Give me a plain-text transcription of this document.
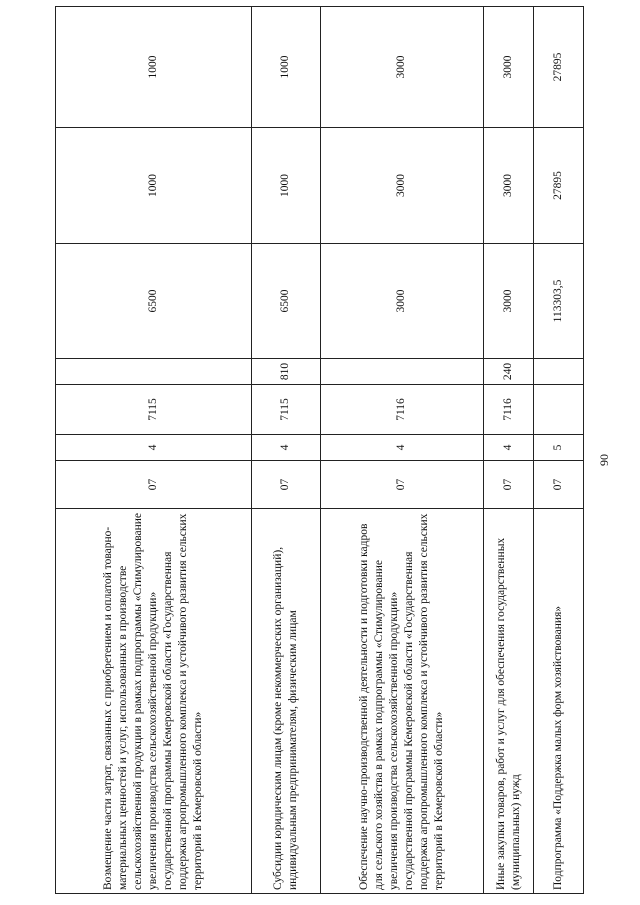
90
Возмещение части затрат, связанных с приобретением и оплатой товарно-материальных ценностей и услуг, использованных в производстве сельскохозяйственной продукции в рамках подпрограммы «Стимулирование увеличения производства сельскохозяйственной продукции» государственной программы Кемеровской области «Государственная поддержка агропромышленного комплекса и устойчивого развития сельских территорий в Кемеровской области»	07	4	7115		6500	1000	1000
Субсидии юридическим лицам (кроме некоммерческих организаций), индивидуальным предпринимателям, физическим лицам	07	4	7115	810	6500	1000	1000
Обеспечение научно-производственной деятельности и подготовки кадров для сельского хозяйства в рамках подпрограммы «Стимулирование увеличения производства сельскохозяйственной продукции» государственной программы Кемеровской области «Государственная поддержка агропромышленного комплекса и устойчивого развития сельских территорий в Кемеровской области»	07	4	7116		3000	3000	3000
Иные закупки товаров, работ и услуг для обеспечения государственных (муниципальных) нужд	07	4	7116	240	3000	3000	3000
Подпрограмма «Поддержка малых форм хозяйствования»	07	5			113303,5	27895	27895
